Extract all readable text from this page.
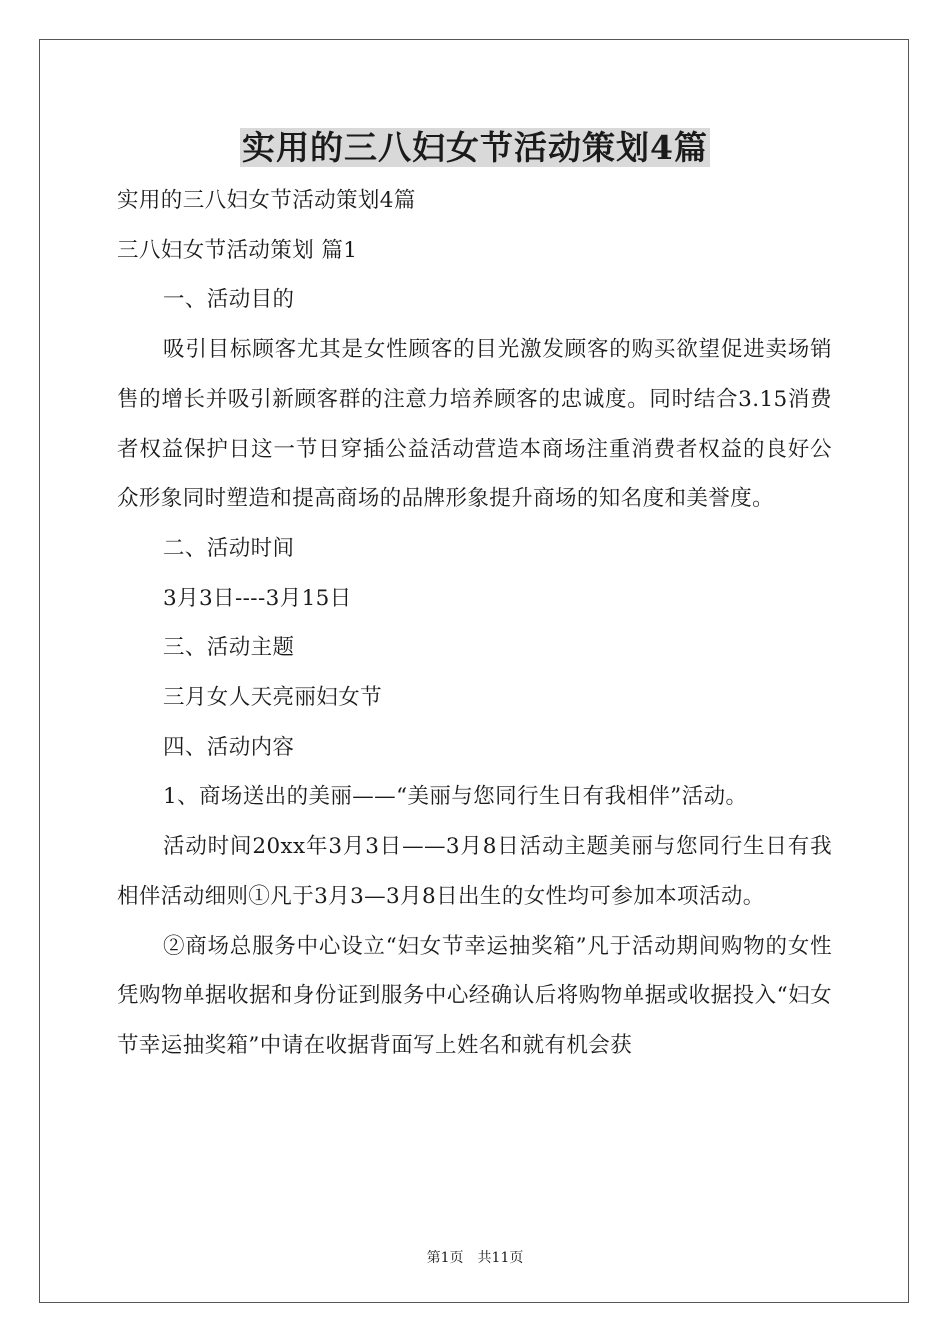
实用的三八妇女节活动策划4篇

实用的三八妇女节活动策划4篇

三八妇女节活动策划 篇1

一、活动目的

吸引目标顾客尤其是女性顾客的目光激发顾客的购买欲望促进卖场销售的增长并吸引新顾客群的注意力培养顾客的忠诚度。同时结合3.15消费者权益保护日这一节日穿插公益活动营造本商场注重消费者权益的良好公众形象同时塑造和提高商场的品牌形象提升商场的知名度和美誉度。

二、活动时间

3月3日----3月15日

三、活动主题

三月女人天亮丽妇女节

四、活动内容

1、商场送出的美丽——“美丽与您同行生日有我相伴”活动。

活动时间20xx年3月3日——3月8日活动主题美丽与您同行生日有我相伴活动细则①凡于3月3—3月8日出生的女性均可参加本项活动。

②商场总服务中心设立“妇女节幸运抽奖箱”凡于活动期间购物的女性凭购物单据收据和身份证到服务中心经确认后将购物单据或收据投入“妇女节幸运抽奖箱”中请在收据背面写上姓名和就有机会获

第1页　共11页
